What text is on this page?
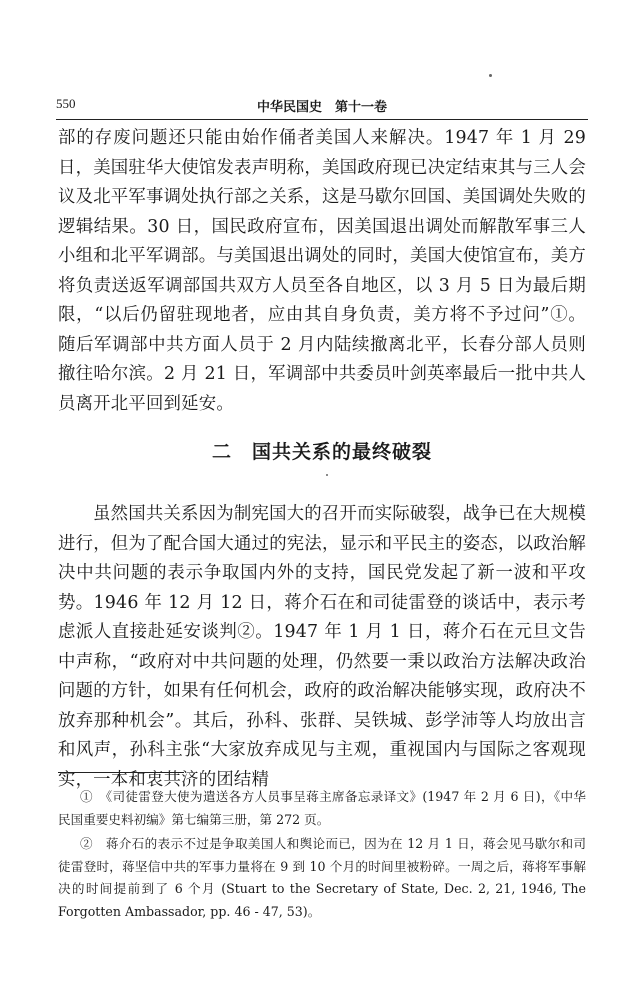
550	中华民国史　第十一卷
部的存废问题还只能由始作俑者美国人来解决。1947 年 1 月 29 日，美国驻华大使馆发表声明称，美国政府现已决定结束其与三人会议及北平军事调处执行部之关系，这是马歇尔回国、美国调处失败的逻辑结果。30 日，国民政府宣布，因美国退出调处而解散军事三人小组和北平军调部。与美国退出调处的同时，美国大使馆宣布，美方将负责送返军调部国共双方人员至各自地区，以 3 月 5 日为最后期限，“以后仍留驻现地者，应由其自身负责，美方将不予过问”①。随后军调部中共方面人员于 2 月内陆续撤离北平，长春分部人员则撤往哈尔滨。2 月 21 日，军调部中共委员叶剑英率最后一批中共人员离开北平回到延安。
二　国共关系的最终破裂
虽然国共关系因为制宪国大的召开而实际破裂，战争已在大规模进行，但为了配合国大通过的宪法，显示和平民主的姿态，以政治解决中共问题的表示争取国内外的支持，国民党发起了新一波和平攻势。1946 年 12 月 12 日，蒋介石在和司徒雷登的谈话中，表示考虑派人直接赴延安谈判②。1947 年 1 月 1 日，蒋介石在元旦文告中声称，“政府对中共问题的处理，仍然要一秉以政治方法解决政治问题的方针，如果有任何机会，政府的政治解决能够实现，政府决不放弃那种机会”。其后，孙科、张群、吴铁城、彭学沛等人均放出言和风声，孙科主张“大家放弃成见与主观，重视国内与国际之客观现实，一本和衷共济的团结精
①　《司徒雷登大使为遣送各方人员事呈蒋主席备忘录译文》(1947 年 2 月 6 日)，《中华民国重要史料初编》第七编第三册，第 272 页。
②　蒋介石的表示不过是争取美国人和舆论而已，因为在 12 月 1 日，蒋会见马歇尔和司徒雷登时，蒋坚信中共的军事力量将在 9 到 10 个月的时间里被粉碎。一周之后，蒋将军事解决的时间提前到了 6 个月 (Stuart to the Secretary of State, Dec. 2, 21, 1946, The Forgotten Ambassador, pp. 46 - 47, 53)。
